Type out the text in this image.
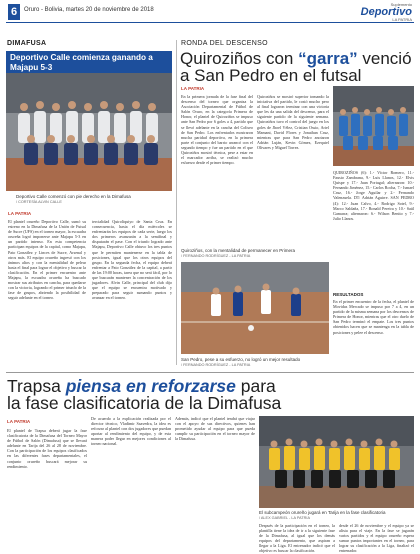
6	Oruro - Bolivia, martes 20 de noviembre de 2018
Suplemento
Deportivo
LA PATRIA
DIMAFUSA
Deportivo Calle comienza ganando a Majapu 5-3
Deportivo Calle comenzó con pie derecho en la Dimafusa
/ CORTESÍA ALVIN CALLE
LA PATRIA
El plantel orureño Deportivo Calle, sumó su estreno en la Dimafusa de la Unión de Futsal de Sucre (UFS) en el torneo mayor, la escuadra orureña logró imponerse ante Majapu 5-3 en un partido intenso. En esta competencia participan equipos de la capital, como Majapu, Pato González y Linces de Sucre, Arsenal y otros más. El equipo orureño ingresó con los ánimos altos y con la mentalidad de pelear hasta el final para lograr el objetivo y buscar la clasificación. En el primer encuentro ante Majapu, la escuadra orureña ha buscado mostrar sus atributos en cancha, para quedarse con la victoria, logrando el primer triunfo de la fase de grupos, abriendo la posibilidad de seguir adelante en el torneo.
tercialidad Quiroliquiyo de Santa Cruz. En consecuencia, hasta el día miércoles se enfrentarán los equipos de cada serie, luego los dos primeros avanzarán a la semifinal y disputarán el pase. Con el triunfo logrado ante Majapu, Deportivo Calle obtuvo los tres puntos que le permiten mantenerse en la tabla de posiciones, igual que los otros equipos del grupo. En la segunda fecha, el equipo deberá enfrentar a Pato González de la capital, a partir de las 19:00 horas, tarea que no será fácil, por lo que buscarán mantener la concentración de los jugadores. Alvin Calle, principal del club dijo que el equipo se encuentra motivado y preparado para seguir sumando puntos y avanzar en el torneo.
RONDA DEL DESCENSO
Quiroziños con “garra” venció a San Pedro en el futsal
LA PATRIA
En la primera jornada de la fase final del descenso del torneo que organiza la Asociación Departamental de Fútbol de Salón Oruro, en la categoría Primera de Honor, el plantel de Quiroziños se impuso ante San Pedro por 6 goles a 4, partido que se llevó adelante en la cancha del Coliseo de San Pedro. Los enfrentados mostraron mucha paridad deportiva, en la primera parte el conjunto del barrio arrancó con el segundo tiempo y fue un partido en el que Quiroziños mostró técnica, pese a estar en el marcador arriba, se realizó mucho esfuerzo desde el primer tiempo.
Quiroziños se mostró superior tomando la iniciativa del partido, le costó mucho pero al final lograron terminar con una victoria que les da una salida del descenso, para el siguiente partido de la siguiente semana. Quiroziños tuvo el control del juego en los goles de Jhoel Vélez, Cristian Ossio, Ariel Mamani, David Flores y Jonathan Cruz, mientras que para San Pedro anotaron Adrián Luján, Kevin Gómez, Ezequiel Olivares y Miguel Torrez.
Quiroziños, con la mentalidad de permanecer en Primera
/ FERNANDO RODRÍGUEZ - LA PATRIA
QUIROZIÑOS (6): 1.- Víctor Romero, 11.- Fausto Zambrana, 9.- Luis Llanos, 12.- Elvis Quispe y 17.- Juan Portugal; alternaron: 10.- Fernando Jiménez, 15.- Carlos Rocha, 7.- Ismael Cruz, 16.- Jorge Aguilar y 2.- Fernando Valenzuela. DT: Adrián Aguirre. SAN PEDRO (4): 12.- Juan Calvo, 4.- Rodrigo Sotel, 9.- Marco Saldaña, 17.- Ronald Pereira y 10.- Saúl Gamarra; alternaron: 6.- Wilson Benito y 7.- Julio Llanos.
RESULTADOS
En el primer encuentro de la fecha, el plantel de Movidas Mercado se impuso por 7 a 4, en un partido de la misma semana por los descensos de Primera de Honor, mientras que el otro duelo de San Pedro terminó el empate. Los tres puntos obtenidos hacen que se mantenga en la tabla de posiciones y pelee el descenso.
San Pedro, pese a su esfuerzo, no logró un mejor resultado
/ FERNANDO RODRÍGUEZ - LA PATRIA
Trapsa piensa en reforzarse para
la fase clasificatoria de la Dimafusa
LA PATRIA
El plantel de Trapsa deberá jugar la fase clasificatoria de la Dimafusa del Torneo Mayor de Fútbol de Salón (Dimafusa) que se llevará adelante en Tarija del 26 al 28 de noviembre. Con la participación de los equipos clasificados en las diferentes fases departamentales, el conjunto orureño buscará mejorar su rendimiento.
De acuerdo a la explicación realizada por el director técnico, Vladimir Saavedra, la idea es reforzar al plantel con dos jugadores que puedan aportar al rendimiento del equipo, y de esta manera poder llegar en mejores condiciones al torneo nacional.
Además, indicó que el plantel tendrá que viajar con el apoyo de sus directivos, quienes han prometido ayudar al equipo para que pueda cumplir su participación en el torneo mayor de la Dimafusa.
El subcampeón orureño jugará en Tarija en la fase clasificatoria
/ ALEX GABRIEL - LA PATRIA
Después de la participación en el torneo, la plantilla tiene la idea de ir a la siguiente fase de la Dimafusa, al igual que los demás equipos del departamento, que aspiran a llegar a la Liga. El entrenador indicó que el objetivo es buscar la clasificación.
desde el 26 de noviembre y el equipo ya se alista para el viaje. En la fase se jugarán varios partidos y el equipo orureño espera sumar puntos importantes en el torneo, para lograr su clasificación a la Liga, finalizó el entrenador.
